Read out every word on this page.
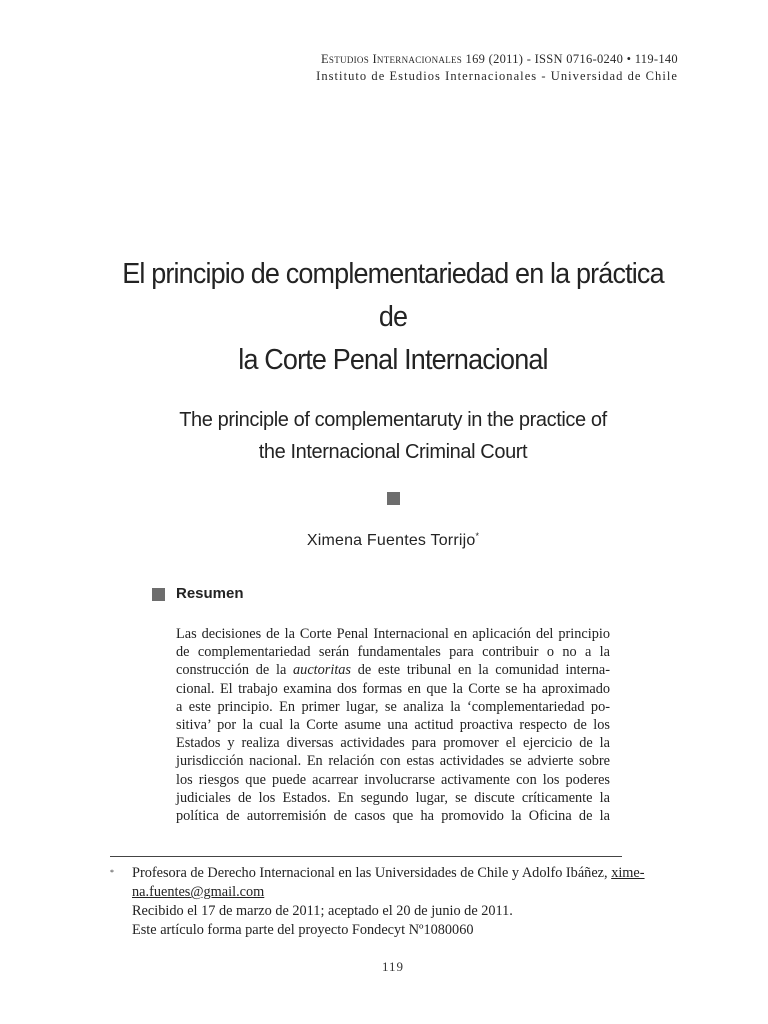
Estudios Internacionales 169 (2011) - ISSN 0716-0240 • 119-140
Instituto de Estudios Internacionales - Universidad de Chile
El principio de complementariedad en la práctica de
la Corte Penal Internacional
The principle of complementaruty in the practice of
the Internacional Criminal Court
Ximena Fuentes Torrijo*
Resumen
Las decisiones de la Corte Penal Internacional en aplicación del principio
de complementariedad serán fundamentales para contribuir o no a la
construcción de la auctoritas de este tribunal en la comunidad interna-
cional. El trabajo examina dos formas en que la Corte se ha aproximado
a este principio. En primer lugar, se analiza la ‘complementariedad po-
sitiva’ por la cual la Corte asume una actitud proactiva respecto de los
Estados y realiza diversas actividades para promover el ejercicio de la
jurisdicción nacional. En relación con estas actividades se advierte sobre
los riesgos que puede acarrear involucrarse activamente con los poderes
judiciales de los Estados. En segundo lugar, se discute críticamente la
política de autorremisión de casos que ha promovido la Oficina de la
* Profesora de Derecho Internacional en las Universidades de Chile y Adolfo Ibáñez, xime-
na.fuentes@gmail.com
Recibido el 17 de marzo de 2011; aceptado el 20 de junio de 2011.
Este artículo forma parte del proyecto Fondecyt Nº1080060
119
